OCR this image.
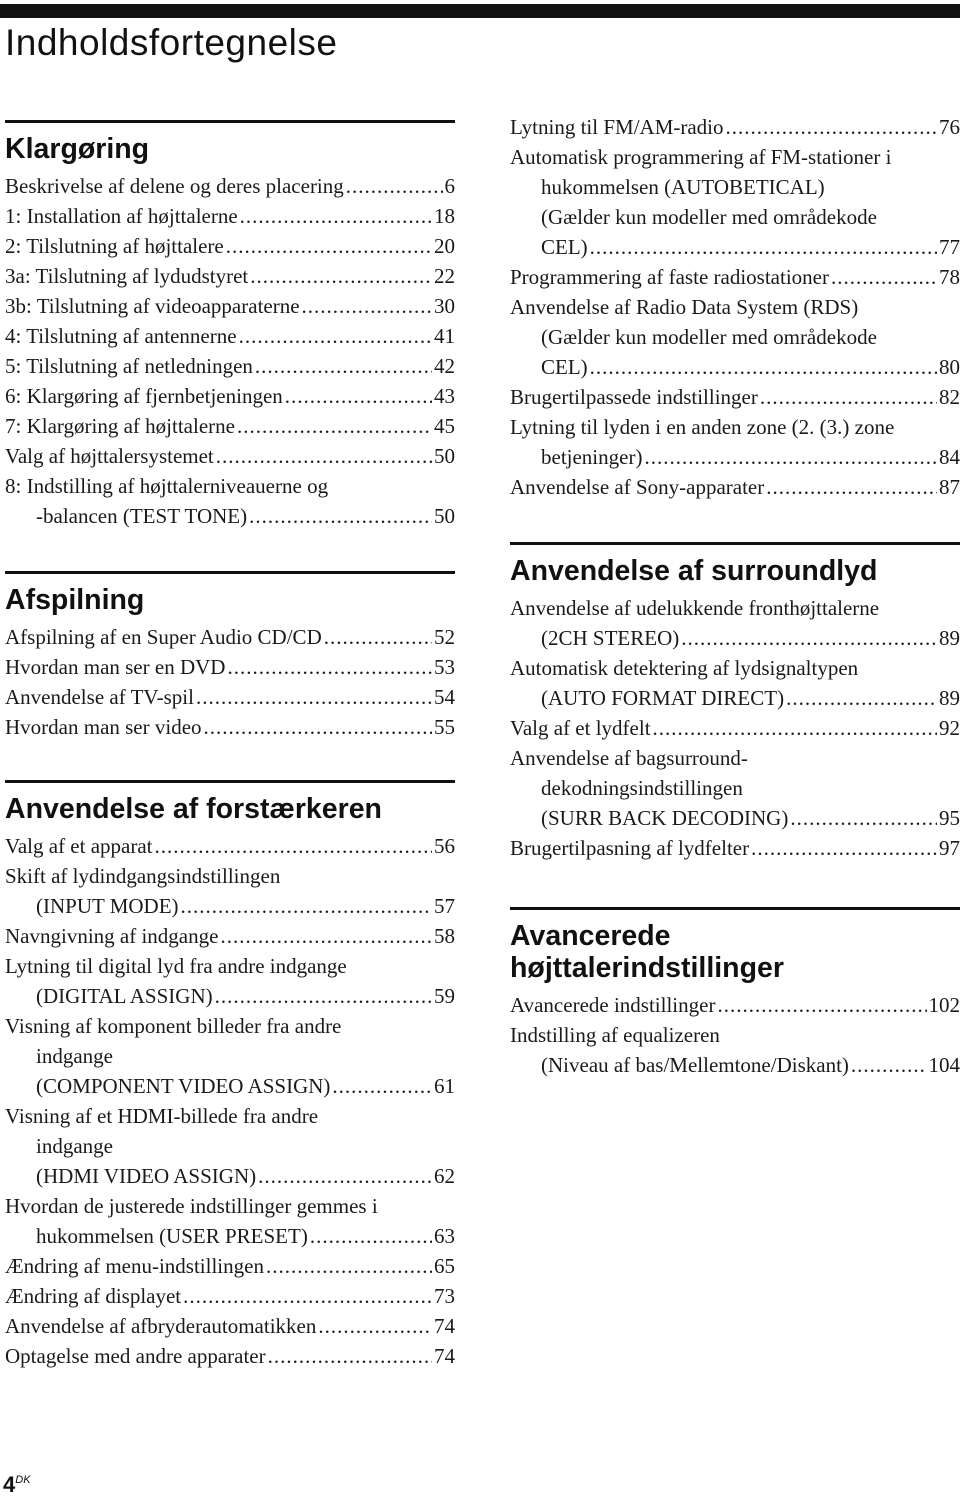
Indholdsfortegnelse
Klargøring
Beskrivelse af delene og deres placering .....	6
1: Installation af højttalerne .....	18
2: Tilslutning af højttalere .....	20
3a: Tilslutning af lydudstyret .....	22
3b: Tilslutning af videoapparaterne .....	30
4: Tilslutning af antennerne .....	41
5: Tilslutning af netledningen .....	42
6: Klargøring af fjernbetjeningen .....	43
7: Klargøring af højttalerne .....	45
Valg af højttalersystemet .....	50
8: Indstilling af højttalerniveauerne og
-balancen (TEST TONE) .....	50
Afspilning
Afspilning af en Super Audio CD/CD .....	52
Hvordan man ser en DVD .....	53
Anvendelse af TV-spil .....	54
Hvordan man ser video .....	55
Anvendelse af forstærkeren
Valg af et apparat .....	56
Skift af lydindgangsindstillingen
(INPUT MODE) .....	57
Navngivning af indgange .....	58
Lytning til digital lyd fra andre indgange
(DIGITAL ASSIGN) .....	59
Visning af komponent billeder fra andre
indgange
(COMPONENT VIDEO ASSIGN) .....	61
Visning af et HDMI-billede fra andre
indgange
(HDMI VIDEO ASSIGN) .....	62
Hvordan de justerede indstillinger gemmes i
hukommelsen (USER PRESET) .....	63
Ændring af menu-indstillingen .....	65
Ændring af displayet .....	73
Anvendelse af afbryderautomatikken .....	74
Optagelse med andre apparater .....	74
Lytning til FM/AM-radio .....	76
Automatisk programmering af FM-stationer i
hukommelsen (AUTOBETICAL)
(Gælder kun modeller med områdekode
CEL) .....	77
Programmering af faste radiostationer .....	78
Anvendelse af Radio Data System (RDS)
(Gælder kun modeller med områdekode
CEL) .....	80
Brugertilpassede indstillinger .....	82
Lytning til lyden i en anden zone (2. (3.) zone
betjeninger) .....	84
Anvendelse af Sony-apparater .....	87
Anvendelse af surroundlyd
Anvendelse af udelukkende fronthøjttalerne
(2CH STEREO) .....	89
Automatisk detektering af lydsignaltypen
(AUTO FORMAT DIRECT) .....	89
Valg af et lydfelt .....	92
Anvendelse af bagsurround-
dekodningsindstillingen
(SURR BACK DECODING) .....	95
Brugertilpasning af lydfelter .....	97
Avancerede
højttalerindstillinger
Avancerede indstillinger .....	102
Indstilling af equalizeren
(Niveau af bas/Mellemtone/Diskant) .....	104
$4^{DK}$
